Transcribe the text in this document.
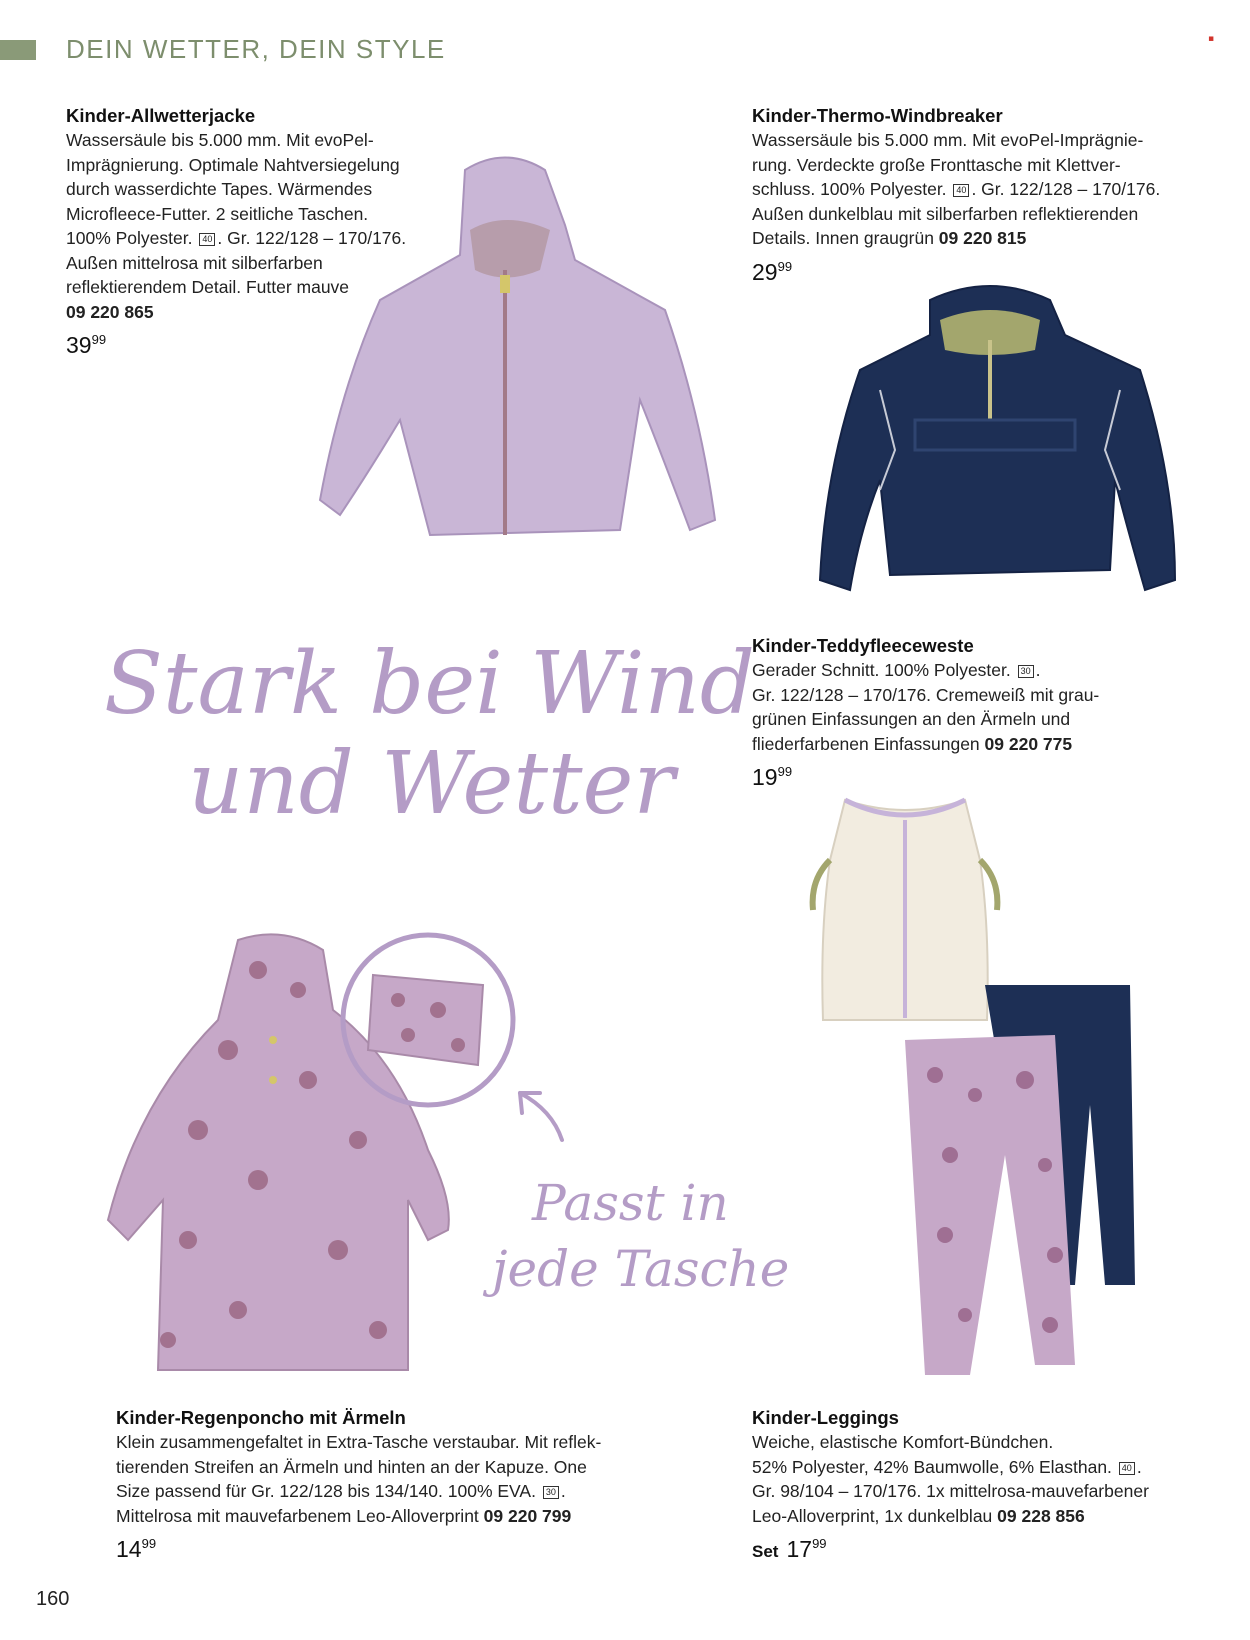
DEIN WETTER, DEIN STYLE	▪
Kinder-Allwetterjacke
Wassersäule bis 5.000 mm. Mit evoPel-
Imprägnierung. Optimale Nahtversiegelung
durch wasserdichte Tapes. Wärmendes
Microfleece-Futter. 2 seitliche Taschen.
100% Polyester. 40 . Gr. 122/128 – 170/176.
Außen mittelrosa mit silberfarben
reflektierendem Detail. Futter mauve
09 220 865
$39^{99}$
Kinder-Thermo-Windbreaker
Wassersäule bis 5.000 mm. Mit evoPel-Imprägnie-
rung. Verdeckte große Fronttasche mit Klettver-
schluss. 100% Polyester. 40 . Gr. 122/128 – 170/176.
Außen dunkelblau mit silberfarben reflektierenden
Details. Innen graugrün 09 220 815
$29^{99}$
Kinder-Teddyfleeceweste
Gerader Schnitt. 100% Polyester. 30 .
Gr. 122/128 – 170/176. Cremeweiß mit grau-
grünen Einfassungen an den Ärmeln und
fliederfarbenen Einfassungen 09 220 775
$19^{99}$
Kinder-Regenponcho mit Ärmeln
Klein zusammengefaltet in Extra-Tasche verstaubar. Mit reflek-
tierenden Streifen an Ärmeln und hinten an der Kapuze. One
Size passend für Gr. 122/128 bis 134/140. 100% EVA. 30 .
Mittelrosa mit mauvefarbenem Leo-Alloverprint 09 220 799
$14^{99}$
Kinder-Leggings
Weiche, elastische Komfort-Bündchen.
52% Polyester, 42% Baumwolle, 6% Elasthan. 40 .
Gr. 98/104 – 170/176. 1x mittelrosa-mauvefarbener
Leo-Alloverprint, 1x dunkelblau 09 228 856
Set $17^{99}$
Stark bei Wind
und Wetter
Passt in
jede Tasche
160
